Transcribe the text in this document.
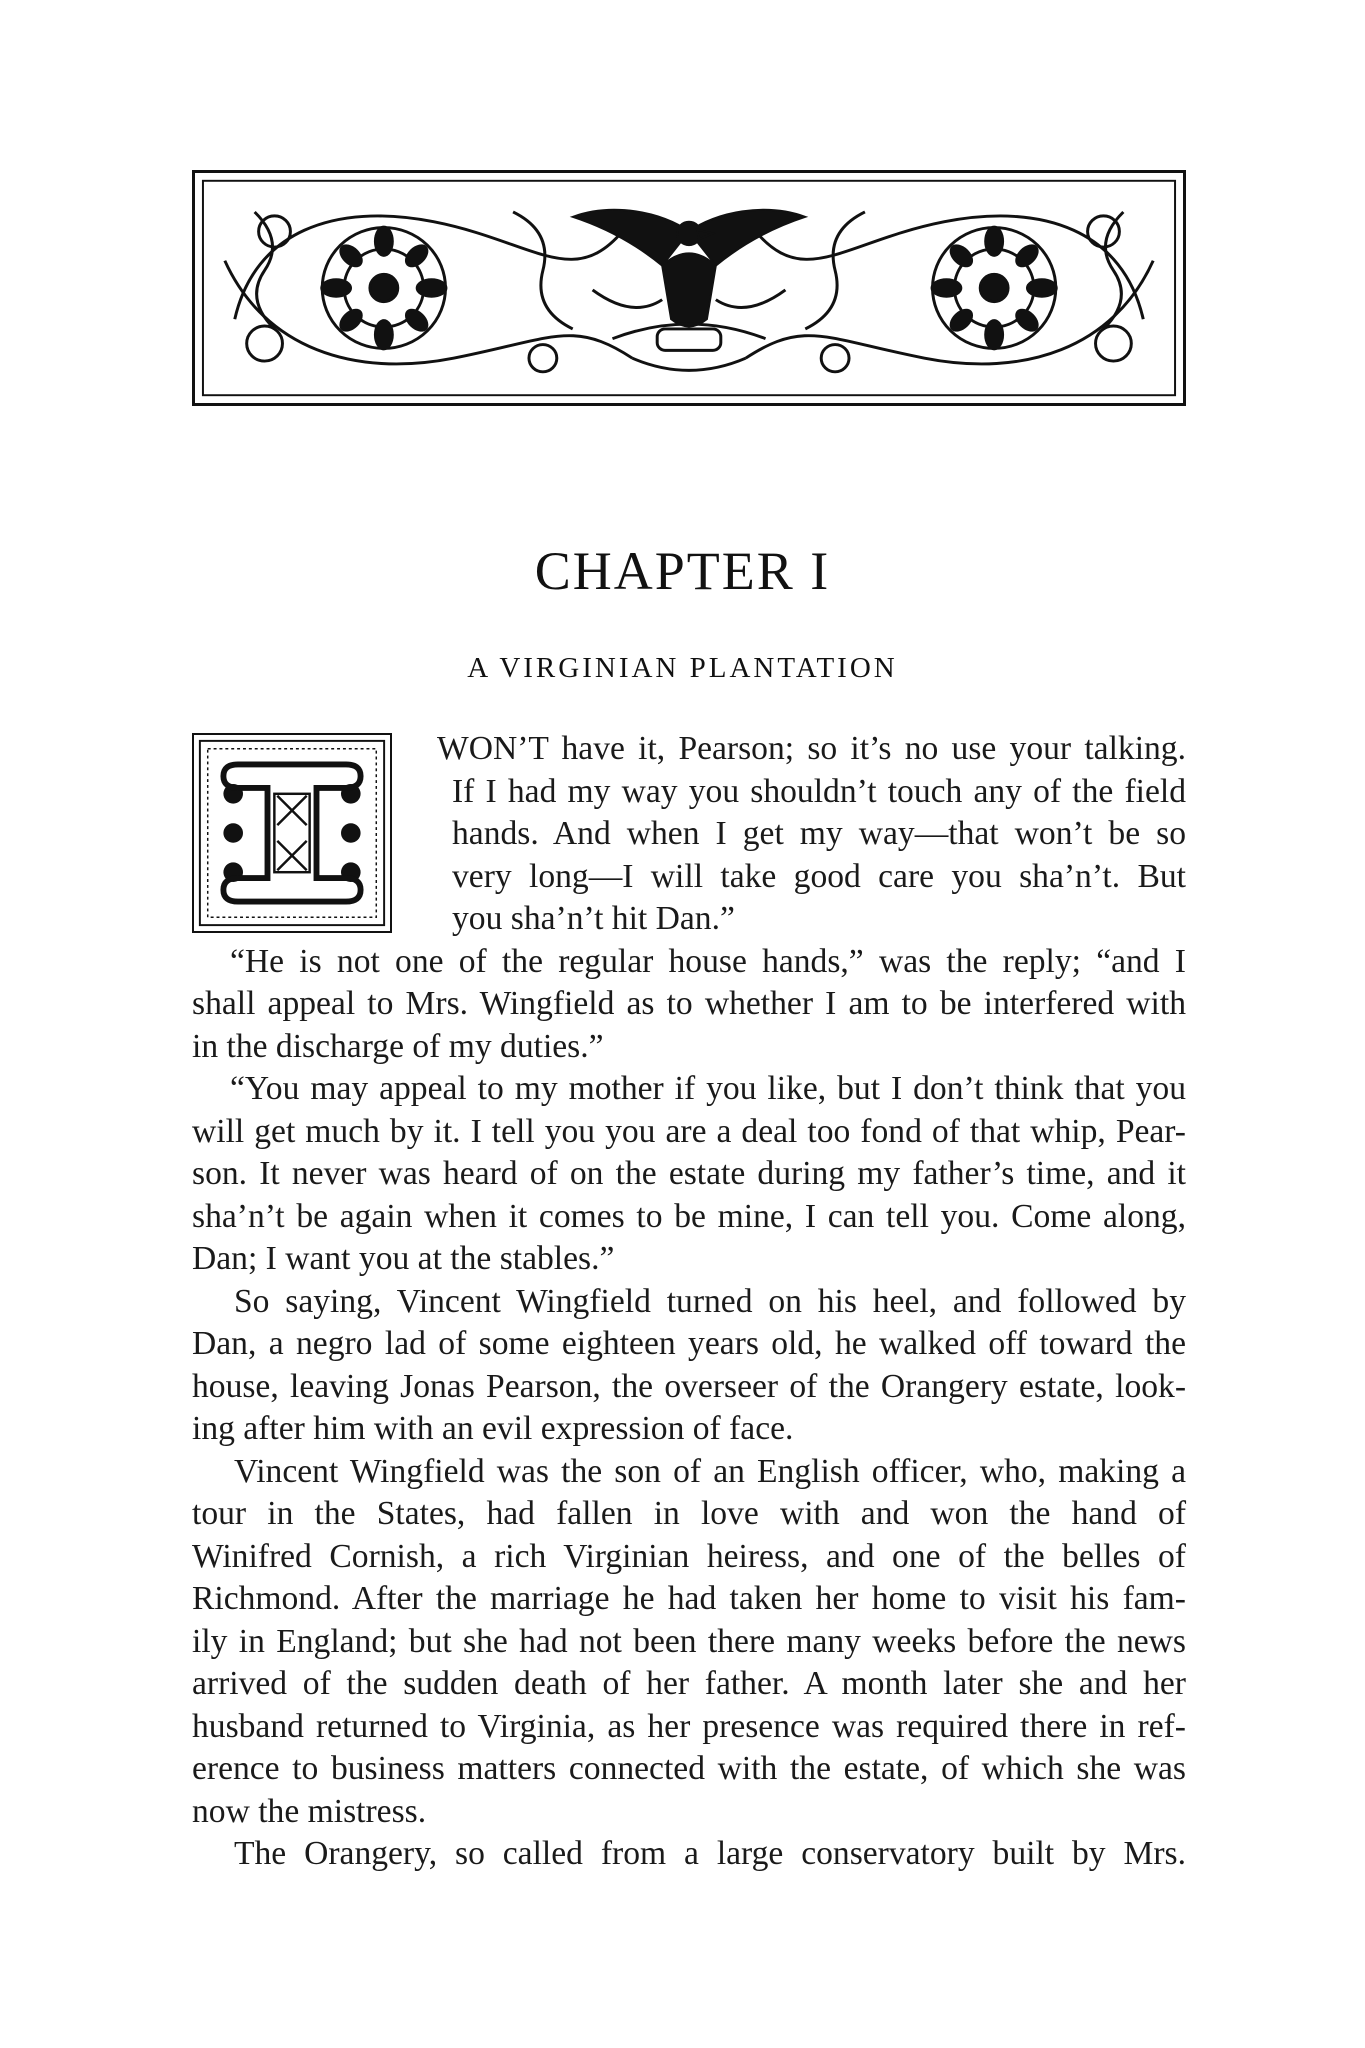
CHAPTER I
A VIRGINIAN PLANTATION
WON’T have it, Pearson; so it’s no use your talking.
If I had my way you shouldn’t touch any of the field
hands. And when I get my way—that won’t be so
very long—I will take good care you sha’n’t. But
you sha’n’t hit Dan.”
“He is not one of the regular house hands,” was the reply; “and I
shall appeal to Mrs. Wingfield as to whether I am to be interfered with
in the discharge of my duties.”
“You may appeal to my mother if you like, but I don’t think that you
will get much by it. I tell you you are a deal too fond of that whip, Pear-
son. It never was heard of on the estate during my father’s time, and it
sha’n’t be again when it comes to be mine, I can tell you. Come along,
Dan; I want you at the stables.”
So saying, Vincent Wingfield turned on his heel, and followed by
Dan, a negro lad of some eighteen years old, he walked off toward the
house, leaving Jonas Pearson, the overseer of the Orangery estate, look-
ing after him with an evil expression of face.
Vincent Wingfield was the son of an English officer, who, making a
tour in the States, had fallen in love with and won the hand of
Winifred Cornish, a rich Virginian heiress, and one of the belles of
Richmond. After the marriage he had taken her home to visit his fam-
ily in England; but she had not been there many weeks before the news
arrived of the sudden death of her father. A month later she and her
husband returned to Virginia, as her presence was required there in ref-
erence to business matters connected with the estate, of which she was
now the mistress.
The Orangery, so called from a large conservatory built by Mrs.
